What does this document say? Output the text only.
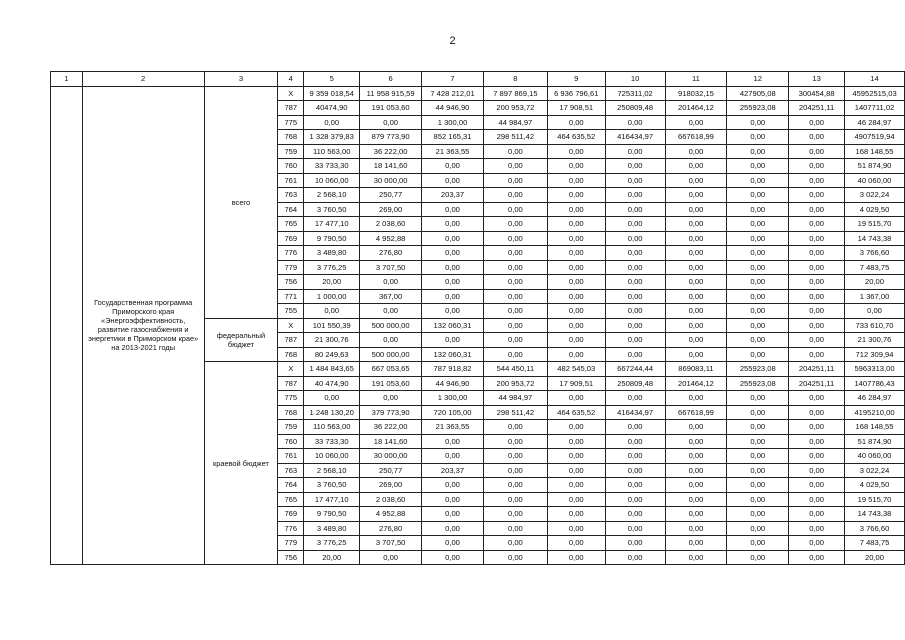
2
1	2	3	4	5	6	7	8	9	10	11	12	13	14
	Государственная программа Приморского края «Энергоэффективность, развитие газоснабжения и энергетики в Приморском крае» на 2013-2021 годы	всего	X	9 359 018,54	11 958 915,59	7 428 212,01	7 897 869,15	6 936 796,61	725311,02	918032,15	427905,08	300454,88	45952515,03
			787	40474,90	191 053,60	44 946,90	200 953,72	17 908,51	250809,48	201464,12	255923,08	204251,11	1407711,02
			775	0,00	0,00	1 300,00	44 984,97	0,00	0,00	0,00	0,00	0,00	46 284,97
			768	1 328 379,83	879 773,90	852 165,31	298 511,42	464 635,52	416434,97	667618,99	0,00	0,00	4907519,94
			759	110 563,00	36 222,00	21 363,55	0,00	0,00	0,00	0,00	0,00	0,00	168 148,55
			760	33 733,30	18 141,60	0,00	0,00	0,00	0,00	0,00	0,00	0,00	51 874,90
			761	10 060,00	30 000,00	0,00	0,00	0,00	0,00	0,00	0,00	0,00	40 060,00
			763	2 568,10	250,77	203,37	0,00	0,00	0,00	0,00	0,00	0,00	3 022,24
			764	3 760,50	269,00	0,00	0,00	0,00	0,00	0,00	0,00	0,00	4 029,50
			765	17 477,10	2 038,60	0,00	0,00	0,00	0,00	0,00	0,00	0,00	19 515,70
			769	9 790,50	4 952,88	0,00	0,00	0,00	0,00	0,00	0,00	0,00	14 743,38
			776	3 489,80	276,80	0,00	0,00	0,00	0,00	0,00	0,00	0,00	3 766,60
			779	3 776,25	3 707,50	0,00	0,00	0,00	0,00	0,00	0,00	0,00	7 483,75
			756	20,00	0,00	0,00	0,00	0,00	0,00	0,00	0,00	0,00	20,00
			771	1 000,00	367,00	0,00	0,00	0,00	0,00	0,00	0,00	0,00	1 367,00
			755	0,00	0,00	0,00	0,00	0,00	0,00	0,00	0,00	0,00	0,00
		федеральный бюджет	X	101 550,39	500 000,00	132 060,31	0,00	0,00	0,00	0,00	0,00	0,00	733 610,70
			787	21 300,76	0,00	0,00	0,00	0,00	0,00	0,00	0,00	0,00	21 300,76
			768	80 249,63	500 000,00	132 060,31	0,00	0,00	0,00	0,00	0,00	0,00	712 309,94
		краевой бюджет	X	1 484 843,65	667 053,65	787 918,82	544 450,11	482 545,03	667244,44	869083,11	255923,08	204251,11	5963313,00
			787	40 474,90	191 053,60	44 946,90	200 953,72	17 909,51	250809,48	201464,12	255923,08	204251,11	1407786,43
			775	0,00	0,00	1 300,00	44 984,97	0,00	0,00	0,00	0,00	0,00	46 284,97
			768	1 248 130,20	379 773,90	720 105,00	298 511,42	464 635,52	416434,97	667618,99	0,00	0,00	4195210,00
			759	110 563,00	36 222,00	21 363,55	0,00	0,00	0,00	0,00	0,00	0,00	168 148,55
			760	33 733,30	18 141,60	0,00	0,00	0,00	0,00	0,00	0,00	0,00	51 874,90
			761	10 060,00	30 000,00	0,00	0,00	0,00	0,00	0,00	0,00	0,00	40 060,00
			763	2 568,10	250,77	203,37	0,00	0,00	0,00	0,00	0,00	0,00	3 022,24
			764	3 760,50	269,00	0,00	0,00	0,00	0,00	0,00	0,00	0,00	4 029,50
			765	17 477,10	2 038,60	0,00	0,00	0,00	0,00	0,00	0,00	0,00	19 515,70
			769	9 790,50	4 952,88	0,00	0,00	0,00	0,00	0,00	0,00	0,00	14 743,38
			776	3 489,80	276,80	0,00	0,00	0,00	0,00	0,00	0,00	0,00	3 766,60
			779	3 776,25	3 707,50	0,00	0,00	0,00	0,00	0,00	0,00	0,00	7 483,75
			756	20,00	0,00	0,00	0,00	0,00	0,00	0,00	0,00	0,00	20,00
